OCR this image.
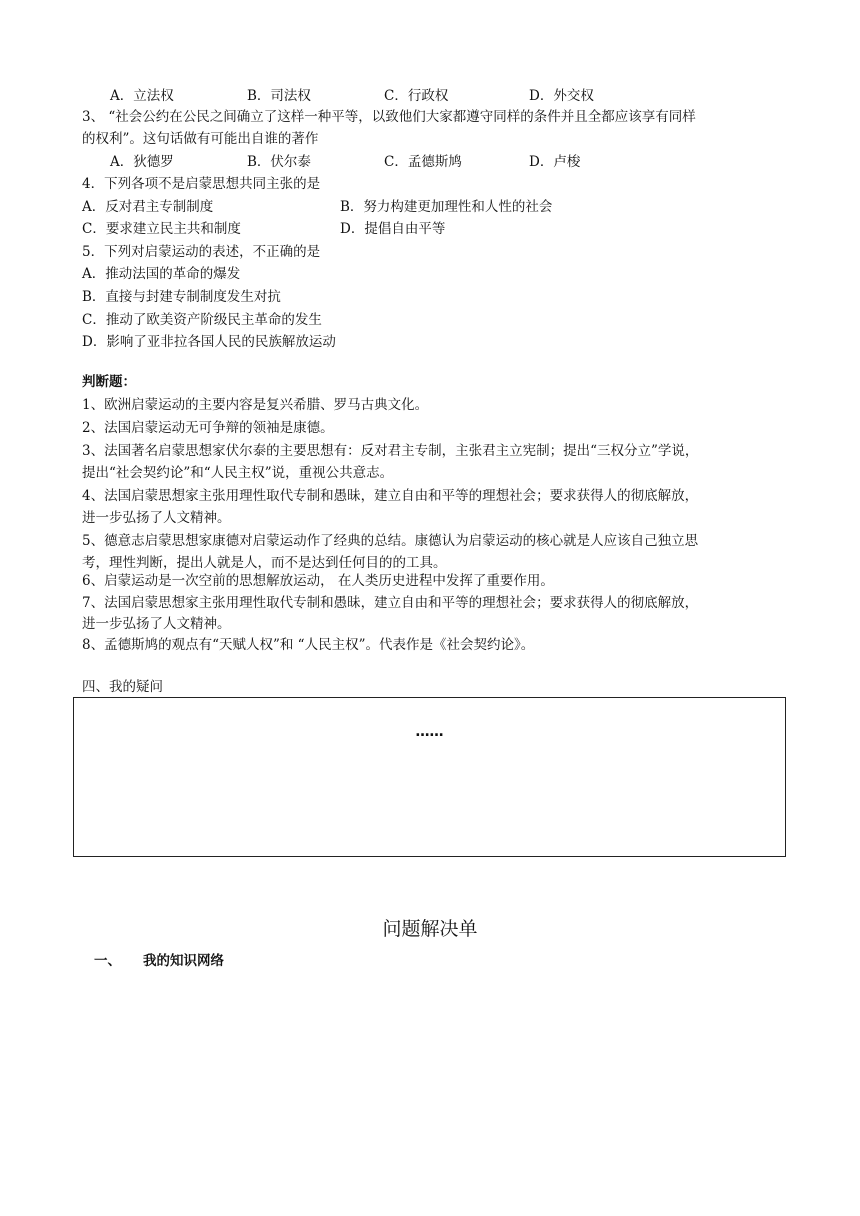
A．立法权	B．司法权	C．行政权	D．外交权
3、 “社会公约在公民之间确立了这样一种平等，以致他们大家都遵守同样的条件并且全都应该享有同样
的权利”。这句话做有可能出自谁的著作
A．狄德罗	B．伏尔泰	C．孟德斯鸠	D．卢梭
4．下列各项不是启蒙思想共同主张的是
A．反对君主专制制度	B．努力构建更加理性和人性的社会
C．要求建立民主共和制度	D．提倡自由平等
5．下列对启蒙运动的表述，不正确的是
A．推动法国的革命的爆发
B．直接与封建专制制度发生对抗
C．推动了欧美资产阶级民主革命的发生
D．影响了亚非拉各国人民的民族解放运动
判断题：
1、欧洲启蒙运动的主要内容是复兴希腊、罗马古典文化。
2、法国启蒙运动无可争辩的领袖是康德。
3、法国著名启蒙思想家伏尔泰的主要思想有：反对君主专制，主张君主立宪制；提出“三权分立”学说，
提出“社会契约论”和“人民主权”说，重视公共意志。
4、法国启蒙思想家主张用理性取代专制和愚昧，建立自由和平等的理想社会；要求获得人的彻底解放，
进一步弘扬了人文精神。
5、德意志启蒙思想家康德对启蒙运动作了经典的总结。康德认为启蒙运动的核心就是人应该自己独立思
考，理性判断，提出人就是人，而不是达到任何目的的工具。
6、启蒙运动是一次空前的思想解放运动， 在人类历史进程中发挥了重要作用。
7、法国启蒙思想家主张用理性取代专制和愚昧，建立自由和平等的理想社会；要求获得人的彻底解放，
进一步弘扬了人文精神。
8、孟德斯鸠的观点有“天赋人权”和 “人民主权”。代表作是《社会契约论》。
四、我的疑问
……
问题解决单
一、 我的知识网络
